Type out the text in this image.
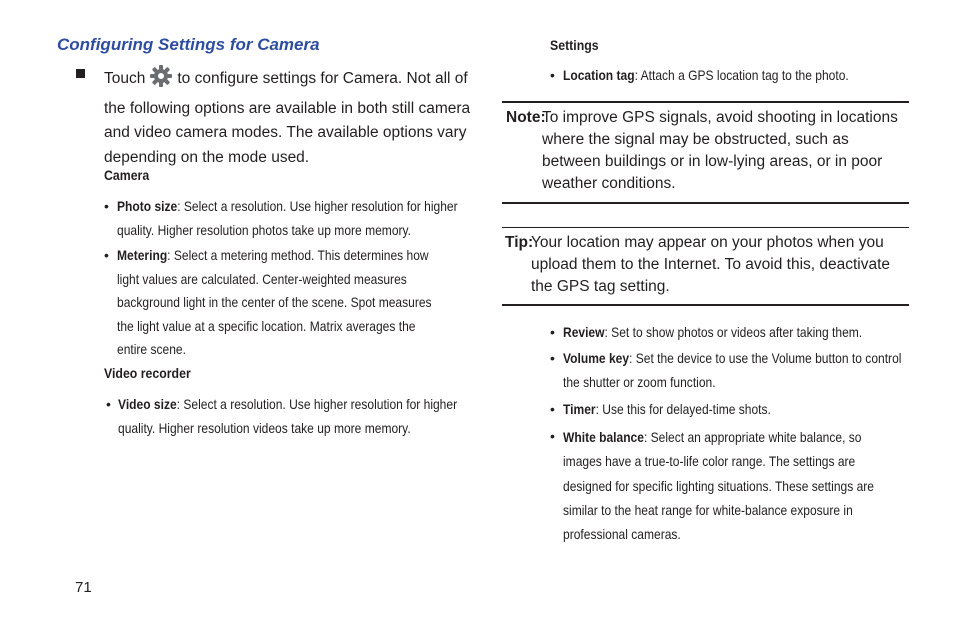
Configuring Settings for Camera
Touch to configure settings for Camera. Not all of the following options are available in both still camera and video camera modes. The available options vary depending on the mode used.
Camera
• Photo size: Select a resolution. Use higher resolution for higher quality. Higher resolution photos take up more memory.
• Metering: Select a metering method. This determines how light values are calculated. Center-weighted measures background light in the center of the scene. Spot measures the light value at a specific location. Matrix averages the entire scene.
Video recorder
• Video size: Select a resolution. Use higher resolution for higher quality. Higher resolution videos take up more memory.
Settings
• Location tag: Attach a GPS location tag to the photo.
Note:
To improve GPS signals, avoid shooting in locations where the signal may be obstructed, such as between buildings or in low-lying areas, or in poor weather conditions.
Tip:
Your location may appear on your photos when you upload them to the Internet. To avoid this, deactivate the GPS tag setting.
• Review: Set to show photos or videos after taking them.
• Volume key: Set the device to use the Volume button to control the shutter or zoom function.
• Timer: Use this for delayed-time shots.
• White balance: Select an appropriate white balance, so images have a true-to-life color range. The settings are designed for specific lighting situations. These settings are similar to the heat range for white-balance exposure in professional cameras.
71
